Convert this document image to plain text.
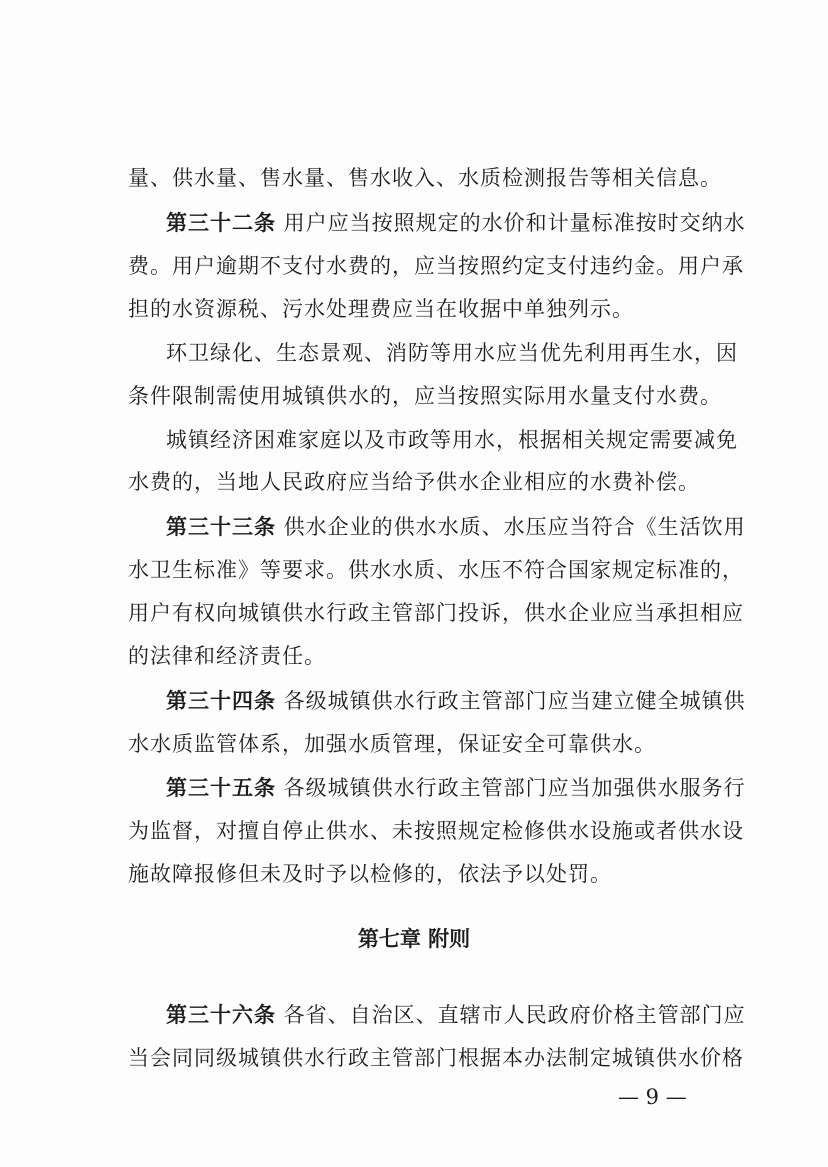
量、供水量、售水量、售水收入、水质检测报告等相关信息。
第三十二条 用户应当按照规定的水价和计量标准按时交纳水
费。用户逾期不支付水费的，应当按照约定支付违约金。用户承
担的水资源税、污水处理费应当在收据中单独列示。
环卫绿化、生态景观、消防等用水应当优先利用再生水，因
条件限制需使用城镇供水的，应当按照实际用水量支付水费。
城镇经济困难家庭以及市政等用水，根据相关规定需要减免
水费的，当地人民政府应当给予供水企业相应的水费补偿。
第三十三条 供水企业的供水水质、水压应当符合《生活饮用
水卫生标准》等要求。供水水质、水压不符合国家规定标准的，
用户有权向城镇供水行政主管部门投诉，供水企业应当承担相应
的法律和经济责任。
第三十四条 各级城镇供水行政主管部门应当建立健全城镇供
水水质监管体系，加强水质管理，保证安全可靠供水。
第三十五条 各级城镇供水行政主管部门应当加强供水服务行
为监督，对擅自停止供水、未按照规定检修供水设施或者供水设
施故障报修但未及时予以检修的，依法予以处罚。
第七章 附则
第三十六条 各省、自治区、直辖市人民政府价格主管部门应
当会同同级城镇供水行政主管部门根据本办法制定城镇供水价格
— 9 —
